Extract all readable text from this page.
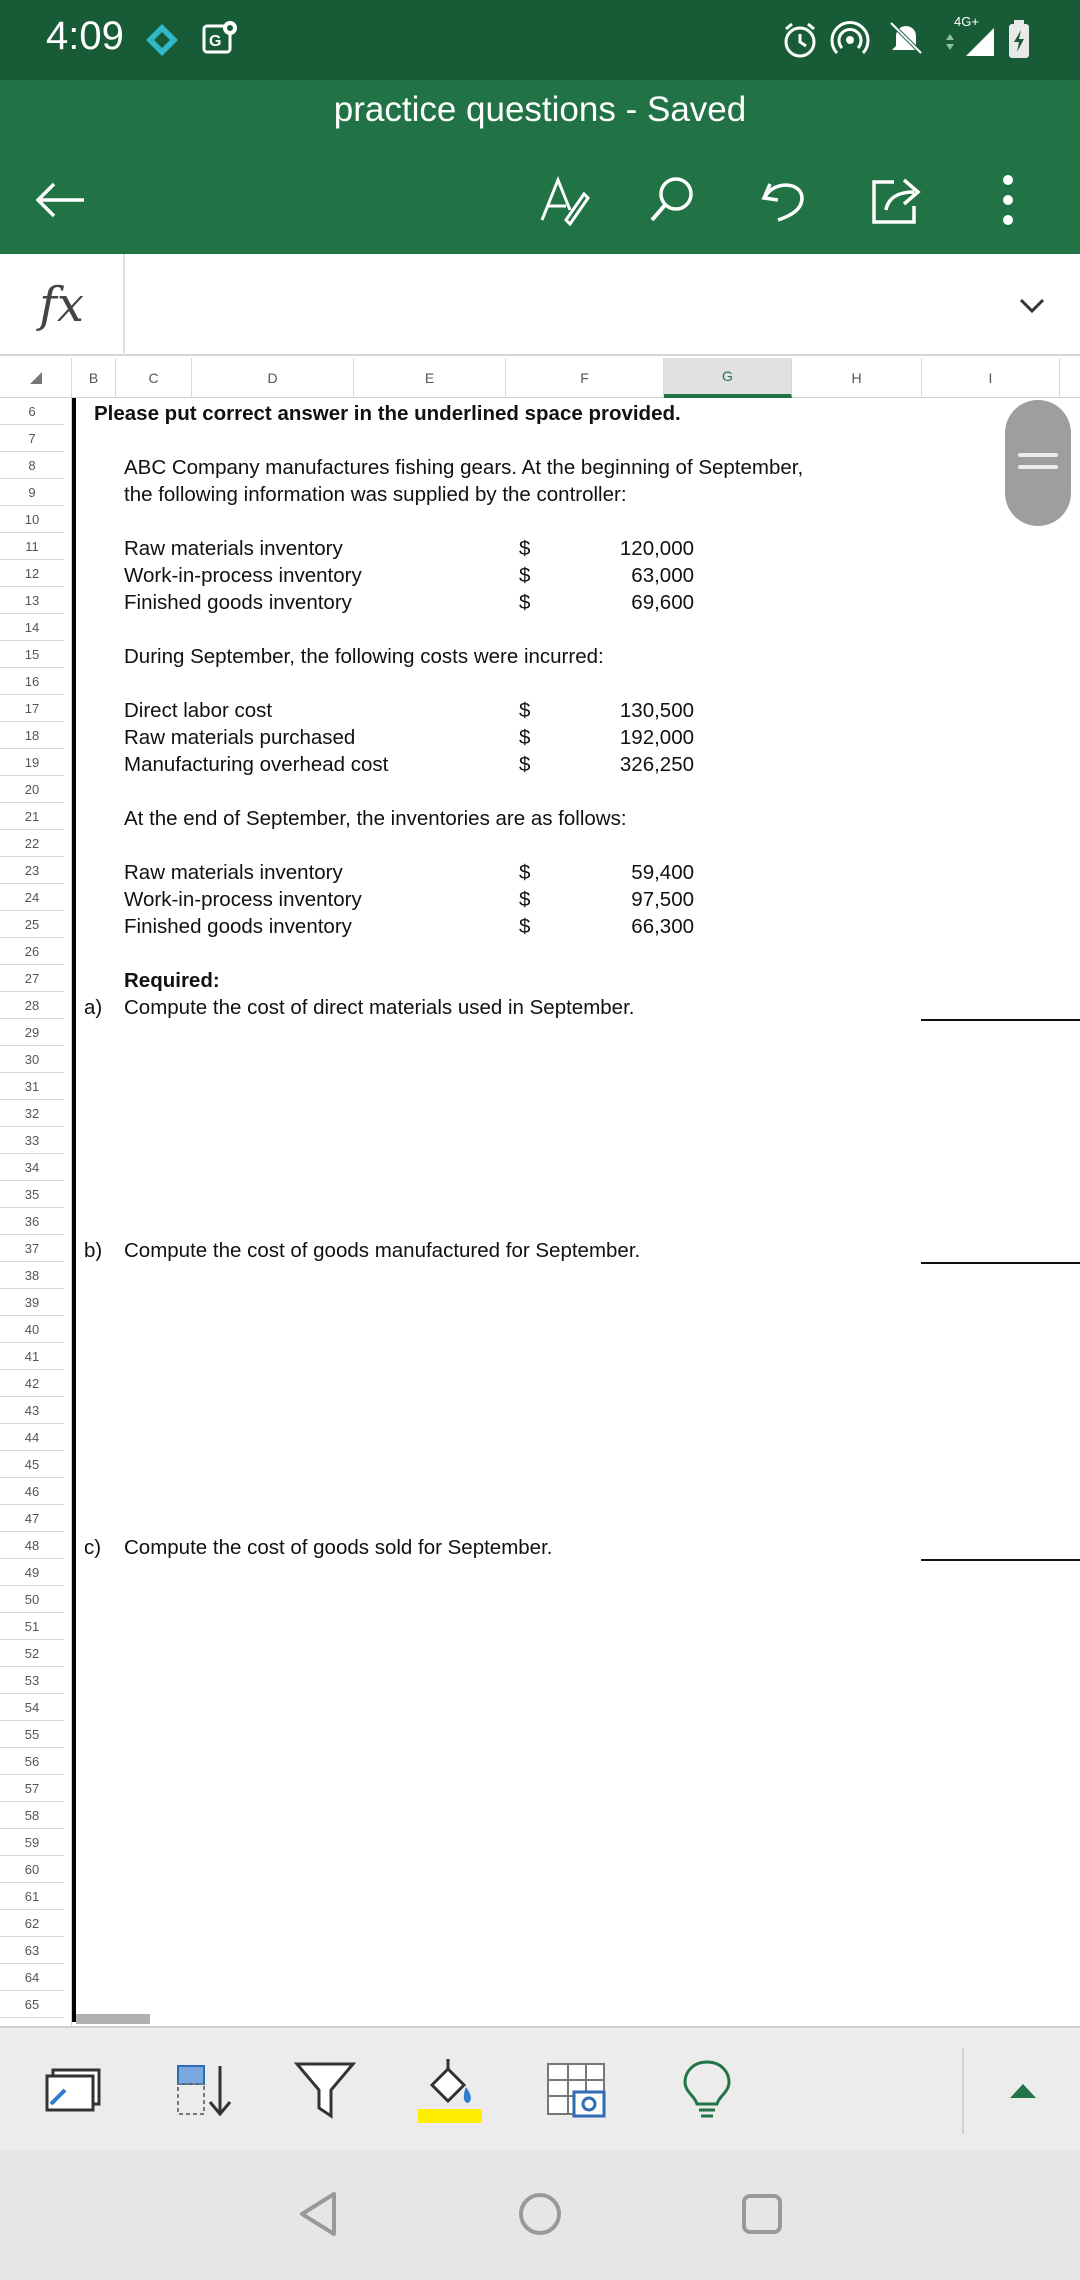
4:09	G
4G+
practice questions - Saved
fx
B	C	D	E	F	G	H	I
6
7
8
9
10
11
12
13
14
15
16
17
18
19
20
21
22
23
24
25
26
27
28
29
30
31
32
33
34
35
36
37
38
39
40
41
42
43
44
45
46
47
48
49
50
51
52
53
54
55
56
57
58
59
60
61
62
63
64
65
Please put correct answer in the underlined space provided.
ABC Company manufactures fishing gears. At the beginning of September,
the following information was supplied by the controller:
Raw materials inventory	$	120,000
Work-in-process inventory	$	63,000
Finished goods inventory	$	69,600
During September, the following costs were incurred:
Direct labor cost	$	130,500
Raw materials purchased	$	192,000
Manufacturing overhead cost	$	326,250
At the end of September, the inventories are as follows:
Raw materials inventory	$	59,400
Work-in-process inventory	$	97,500
Finished goods inventory	$	66,300
Required:
a) Compute the cost of direct materials used in September.
b) Compute the cost of goods manufactured for September.
c) Compute the cost of goods sold for September.
